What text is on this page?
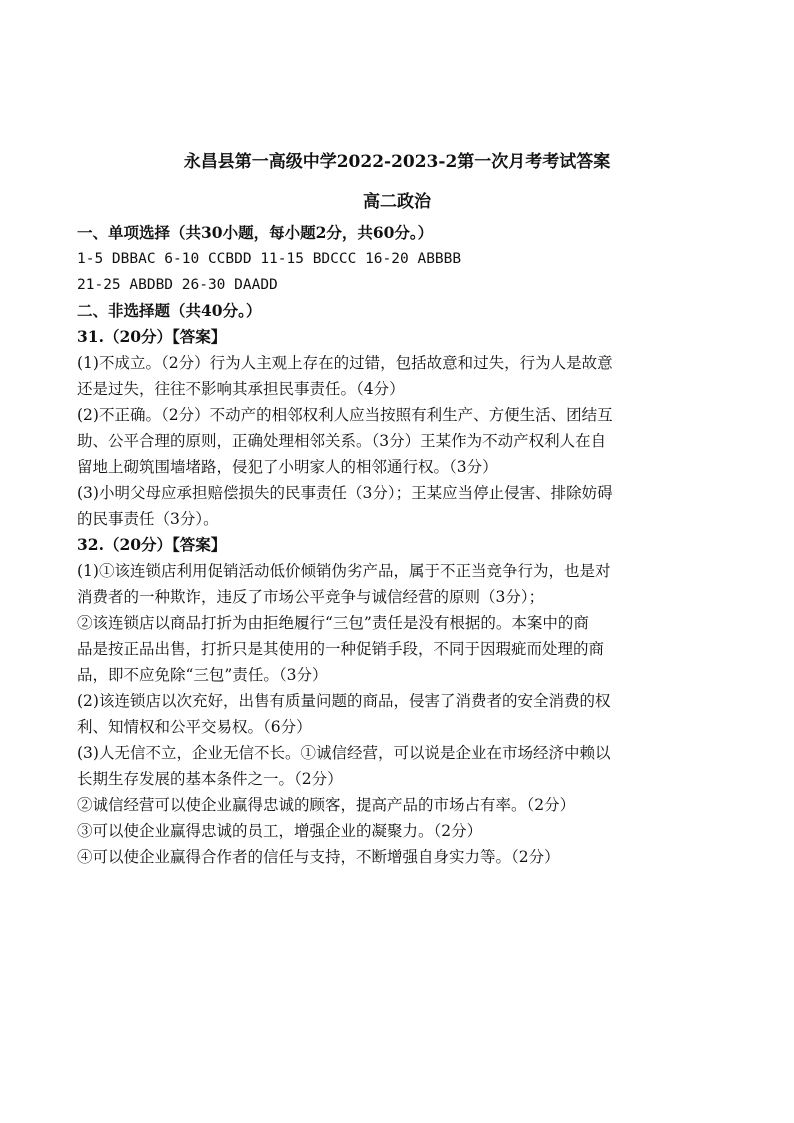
永昌县第一高级中学2022-2023-2第一次月考考试答案
高二政治
一、单项选择（共30小题，每小题2分，共60分。）
1-5 DBBAC 6-10 CCBDD 11-15 BDCCC 16-20 ABBBB
21-25 ABDBD 26-30 DAADD
二、非选择题（共40分。）
31.（20分）【答案】
(1)不成立。（2分）行为人主观上存在的过错，包括故意和过失，行为人是故意
还是过失，往往不影响其承担民事责任。（4分）
(2)不正确。（2分）不动产的相邻权利人应当按照有利生产、方便生活、团结互
助、公平合理的原则，正确处理相邻关系。（3分）王某作为不动产权利人在自
留地上砌筑围墙堵路，侵犯了小明家人的相邻通行权。（3分）
(3)小明父母应承担赔偿损失的民事责任（3分）；王某应当停止侵害、排除妨碍
的民事责任（3分）。
32.（20分）【答案】
(1)①该连锁店利用促销活动低价倾销伪劣产品，属于不正当竞争行为，也是对
消费者的一种欺诈，违反了市场公平竞争与诚信经营的原则（3分）；
②该连锁店以商品打折为由拒绝履行“三包”责任是没有根据的。本案中的商
品是按正品出售，打折只是其使用的一种促销手段，不同于因瑕疵而处理的商
品，即不应免除“三包”责任。（3分）
(2)该连锁店以次充好，出售有质量问题的商品，侵害了消费者的安全消费的权
利、知情权和公平交易权。（6分）
(3)人无信不立，企业无信不长。①诚信经营，可以说是企业在市场经济中赖以
长期生存发展的基本条件之一。（2分）
②诚信经营可以使企业赢得忠诚的顾客，提高产品的市场占有率。（2分）
③可以使企业赢得忠诚的员工，增强企业的凝聚力。（2分）
④可以使企业赢得合作者的信任与支持，不断增强自身实力等。（2分）
